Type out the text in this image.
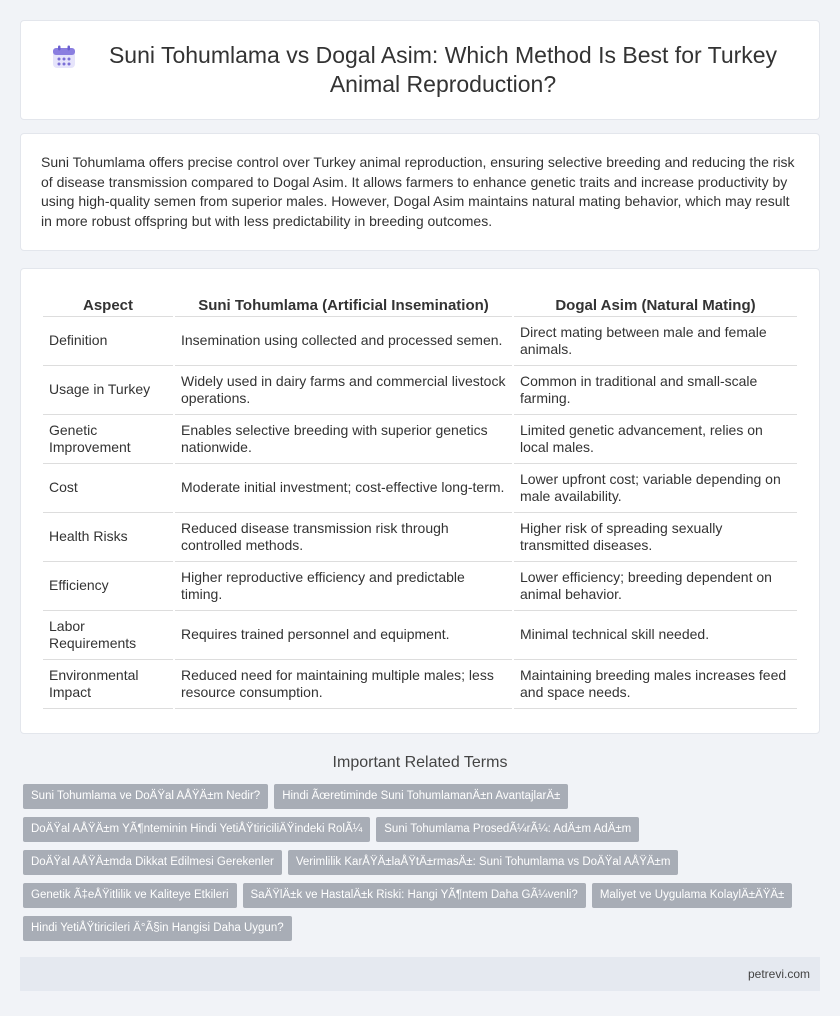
Suni Tohumlama vs Dogal Asim: Which Method Is Best for Turkey Animal Reproduction?

Suni Tohumlama offers precise control over Turkey animal reproduction, ensuring selective breeding and reducing the risk of disease transmission compared to Dogal Asim. It allows farmers to enhance genetic traits and increase productivity by using high-quality semen from superior males. However, Dogal Asim maintains natural mating behavior, which may result in more robust offspring but with less predictability in breeding outcomes.

Aspect	Suni Tohumlama (Artificial Insemination)	Dogal Asim (Natural Mating)
Definition	Insemination using collected and processed semen.	Direct mating between male and female animals.
Usage in Turkey	Widely used in dairy farms and commercial livestock operations.	Common in traditional and small-scale farming.
Genetic Improvement	Enables selective breeding with superior genetics nationwide.	Limited genetic advancement, relies on local males.
Cost	Moderate initial investment; cost-effective long-term.	Lower upfront cost; variable depending on male availability.
Health Risks	Reduced disease transmission risk through controlled methods.	Higher risk of spreading sexually transmitted diseases.
Efficiency	Higher reproductive efficiency and predictable timing.	Lower efficiency; breeding dependent on animal behavior.
Labor Requirements	Requires trained personnel and equipment.	Minimal technical skill needed.
Environmental Impact	Reduced need for maintaining multiple males; less resource consumption.	Maintaining breeding males increases feed and space needs.
Important Related Terms
Suni Tohumlama ve DoÄŸal AÅŸÄ±m Nedir?	Hindi Ãœretiminde Suni TohumlamanÄ±n AvantajlarÄ±
DoÄŸal AÅŸÄ±m YÃ¶nteminin Hindi YetiÅŸtiriciliÄŸindeki RolÃ¼	Suni Tohumlama ProsedÃ¼rÃ¼: AdÄ±m AdÄ±m
DoÄŸal AÅŸÄ±mda Dikkat Edilmesi Gerekenler	Verimlilik KarÅŸÄ±laÅŸtÄ±rmasÄ±: Suni Tohumlama vs DoÄŸal AÅŸÄ±m
Genetik Ã‡eÅŸitlilik ve Kaliteye Etkileri	SaÄŸlÄ±k ve HastalÄ±k Riski: Hangi YÃ¶ntem Daha GÃ¼venli?	Maliyet ve Uygulama KolaylÄ±ÄŸÄ±
Hindi YetiÅŸtiricileri Ä°Ã§in Hangisi Daha Uygun?
petrevi.com
